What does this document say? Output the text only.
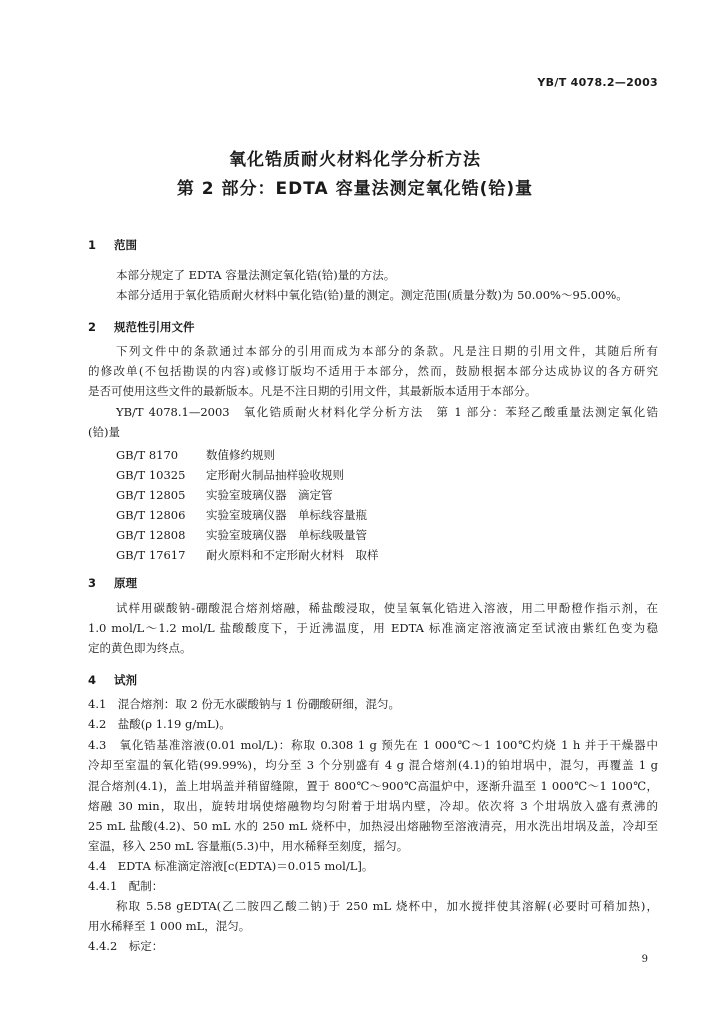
YB/T 4078.2—2003
氧化锆质耐火材料化学分析方法
第 2 部分：EDTA 容量法测定氧化锆(铪)量
1 范围
本部分规定了 EDTA 容量法测定氧化锆(铪)量的方法。
本部分适用于氧化锆质耐火材料中氧化锆(铪)量的测定。测定范围(质量分数)为 50.00%～95.00%。
2 规范性引用文件
下列文件中的条款通过本部分的引用而成为本部分的条款。凡是注日期的引用文件，其随后所有
的修改单(不包括勘误的内容)或修订版均不适用于本部分，然而，鼓励根据本部分达成协议的各方研究
是否可使用这些文件的最新版本。凡是不注日期的引用文件，其最新版本适用于本部分。
YB/T 4078.1—2003　氧化锆质耐火材料化学分析方法　第 1 部分：苯羟乙酸重量法测定氧化锆
(铪)量
GB/T 8170 数值修约规则
GB/T 10325 定形耐火制品抽样验收规则
GB/T 12805 实验室玻璃仪器　滴定管
GB/T 12806 实验室玻璃仪器　单标线容量瓶
GB/T 12808 实验室玻璃仪器　单标线吸量管
GB/T 17617 耐火原料和不定形耐火材料　取样
3 原理
试样用碳酸钠-硼酸混合熔剂熔融，稀盐酸浸取，使呈氧氧化锆进入溶液，用二甲酚橙作指示剂，在
1.0 mol/L～1.2 mol/L 盐酸酸度下，于近沸温度，用 EDTA 标准滴定溶液滴定至试液由紫红色变为稳
定的黄色即为终点。
4 试剂
4.1　混合熔剂：取 2 份无水碳酸钠与 1 份硼酸研细，混匀。
4.2　盐酸(ρ 1.19 g/mL)。
4.3　氧化锆基准溶液(0.01 mol/L)：称取 0.308 1 g 预先在 1 000℃～1 100℃灼烧 1 h 并于干燥器中
冷却至室温的氧化锆(99.99%)，均分至 3 个分别盛有 4 g 混合熔剂(4.1)的铂坩埚中，混匀，再覆盖 1 g
混合熔剂(4.1)，盖上坩埚盖并稍留缝隙，置于 800℃～900℃高温炉中，逐渐升温至 1 000℃～1 100℃，
熔融 30 min，取出，旋转坩埚使熔融物均匀附着于坩埚内壁，冷却。依次将 3 个坩埚放入盛有煮沸的
25 mL 盐酸(4.2)、50 mL 水的 250 mL 烧杯中，加热浸出熔融物至溶液清亮，用水洗出坩埚及盖，冷却至
室温，移入 250 mL 容量瓶(5.3)中，用水稀释至刻度，摇匀。
4.4　EDTA 标准滴定溶液[c(EDTA)＝0.015 mol/L]。
4.4.1　配制：
称取 5.58 gEDTA(乙二胺四乙酸二钠)于 250 mL 烧杯中，加水搅拌使其溶解(必要时可稍加热)，
用水稀释至 1 000 mL，混匀。
4.4.2　标定：
9
